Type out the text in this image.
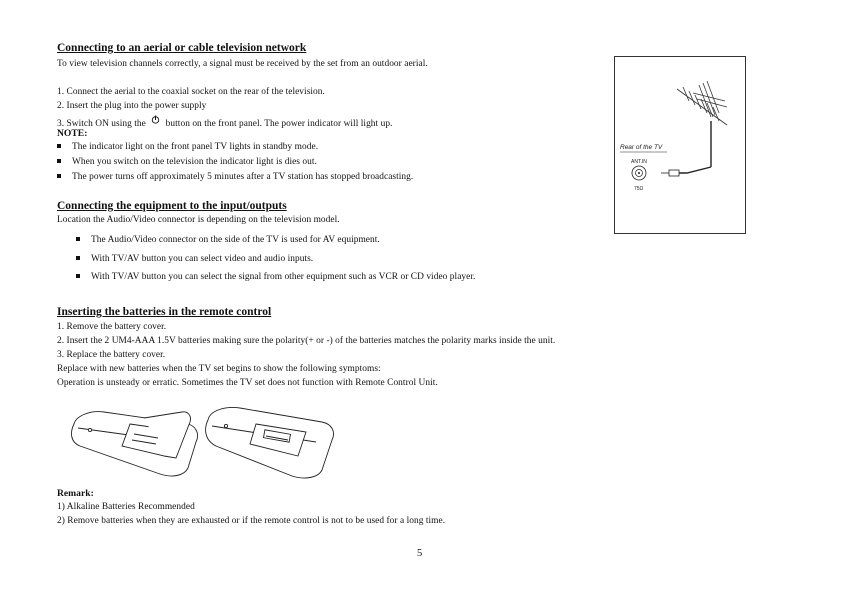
Connecting to an aerial or cable television network
To view television channels correctly, a signal must be received by the set from an outdoor aerial.
1. Connect the aerial to the coaxial socket on the rear of the television.
2. Insert the plug into the power supply
3. Switch ON using the button on the front panel. The power indicator will light up.
NOTE:
The indicator light on the front panel TV lights in standby mode.
When you switch on the television the indicator light is dies out.
The power turns off approximately 5 minutes after a TV station has stopped broadcasting.
Rear of the TV
ANT.IN
75Ω
Connecting the equipment to the input/outputs
Location the Audio/Video connector is depending on the television model.
The Audio/Video connector on the side of the TV is used for AV equipment.
With TV/AV button you can select video and audio inputs.
With TV/AV button you can select the signal from other equipment such as VCR or CD video player.
Inserting the batteries in the remote control
1. Remove the battery cover.
2. Insert the 2 UM4-AAA 1.5V batteries making sure the polarity(+ or -) of the batteries matches the polarity marks inside the unit.
3. Replace the battery cover.
Replace with new batteries when the TV set begins to show the following symptoms:
Operation is unsteady or erratic. Sometimes the TV set does not function with Remote Control Unit.
Remark:
1) Alkaline Batteries Recommended
2) Remove batteries when they are exhausted or if the remote control is not to be used for a long time.
5
